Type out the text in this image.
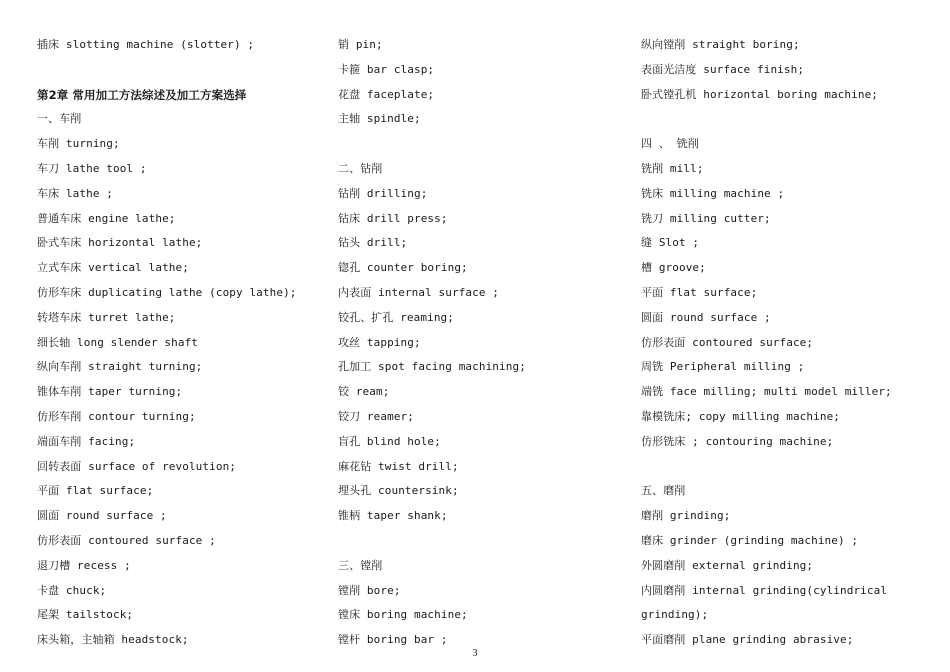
插床 slotting machine (slotter) ;
第2章 常用加工方法综述及加工方案选择
一、车削
车削 turning;
车刀 lathe tool ;
车床 lathe ;
普通车床 engine lathe;
卧式车床 horizontal lathe;
立式车床 vertical lathe;
仿形车床 duplicating lathe (copy lathe);
转塔车床 turret lathe;
细长轴 long slender shaft
纵向车削 straight turning;
锥体车削 taper turning;
仿形车削 contour turning;
端面车削 facing;
回转表面 surface of revolution;
平面 flat surface;
圆面 round surface ;
仿形表面 contoured surface ;
退刀槽 recess ;
卡盘 chuck;
尾架 tailstock;
床头箱，主轴箱 headstock;
销 pin;
卡箍 bar clasp;
花盘 faceplate;
主轴 spindle;
二、钻削
钻削 drilling;
钻床 drill press;
钻头 drill;
锪孔 counter boring;
内表面 internal surface ;
铰孔、扩孔 reaming;
攻丝 tapping;
孔加工 spot facing machining;
铰 ream;
铰刀 reamer;
盲孔 blind hole;
麻花钻 twist drill;
埋头孔 countersink;
锥柄 taper shank;
三、镗削
镗削 bore;
镗床 boring machine;
镗杆 boring bar ;
纵向镗削 straight boring;
表面光洁度 surface finish;
卧式镗孔机 horizontal boring machine;
四 、 铣削
铣削 mill;
铣床 milling machine ;
铣刀 milling cutter;
缝 Slot ;
槽 groove;
平面 flat surface;
圆面 round surface ;
仿形表面 contoured surface;
周铣 Peripheral milling ;
端铣 face milling; multi model miller;
靠模铣床; copy milling machine;
仿形铣床 ; contouring machine;
五、磨削
磨削 grinding;
磨床 grinder (grinding machine) ;
外圆磨削 external grinding;
内圆磨削 internal grinding(cylindrical
grinding);
平面磨削 plane grinding abrasive;
3
